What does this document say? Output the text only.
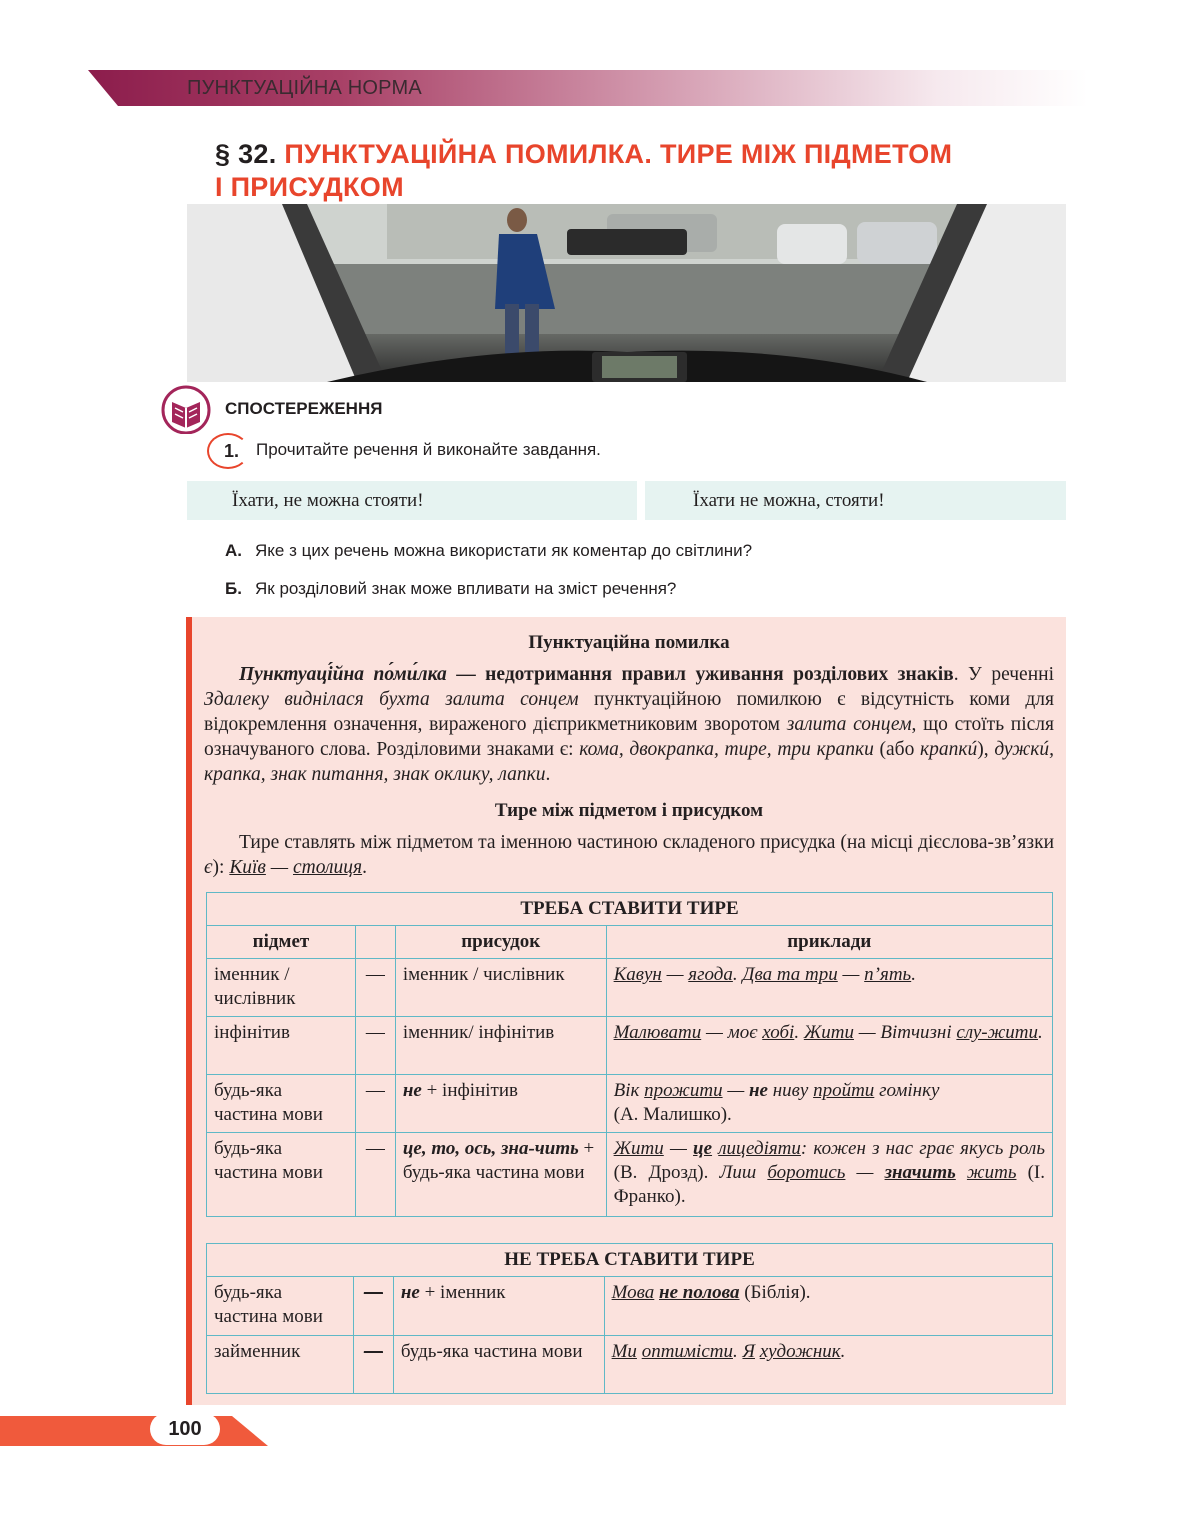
ПУНКТУАЦІЙНА НОРМА
§ 32. ПУНКТУАЦІЙНА ПОМИЛКА. ТИРЕ МІЖ ПІДМЕТОМ
І ПРИСУДКОМ
СПОСТЕРЕЖЕННЯ
1. Прочитайте речення й виконайте завдання.
Їхати, не можна стояти!	Їхати не можна, стояти!
А. Яке з цих речень можна використати як коментар до світлини?
Б. Як розділовий знак може впливати на зміст речення?
Пунктуаційна помилка
Пунктуаці́йна по́ми́лка — недотримання правил уживання розділових знаків. У реченні Здалеку виднілася бухта залита сонцем пунктуаційною помилкою є відсутність коми для відокремлення означення, вираженого дієприкметниковим зворотом залита сонцем, що стоїть після означуваного слова. Розділовими знаками є: кома, двокрапка, тире, три крапки (або крапкú), дужкú, крапка, знак питання, знак оклику, лапки.
Тире між підметом і присудком
Тире ставлять між підметом та іменною частиною складеного присудка (на місці дієслова-зв’язки є): Київ — столиця.
ТРЕБА СТАВИТИ ТИРЕ			
підмет		присудок	приклади
іменник / числівник	—	іменник / числівник	Кавун — ягода. Два та три — п’ять.
інфінітив	—	іменник/ інфінітив	Малювати — моє хобі. Жити — Вітчизні слу-жити.
будь-яка частина мови	—	не + інфінітив	Вік прожити — не ниву пройти гомінку
(А. Малишко).
будь-яка частина мови	—	це, то, ось, зна-чить + будь-яка частина мови	Жити — це лицедіяти: кожен з нас грає якусь роль (В. Дрозд). Лиш боротись — значить жить (І. Франко).
НЕ ТРЕБА СТАВИТИ ТИРЕ			
будь-яка частина мови	—	не + іменник	Мова не полова (Біблія).
займенник	—	будь-яка частина мови	Ми оптимісти. Я художник.
100
